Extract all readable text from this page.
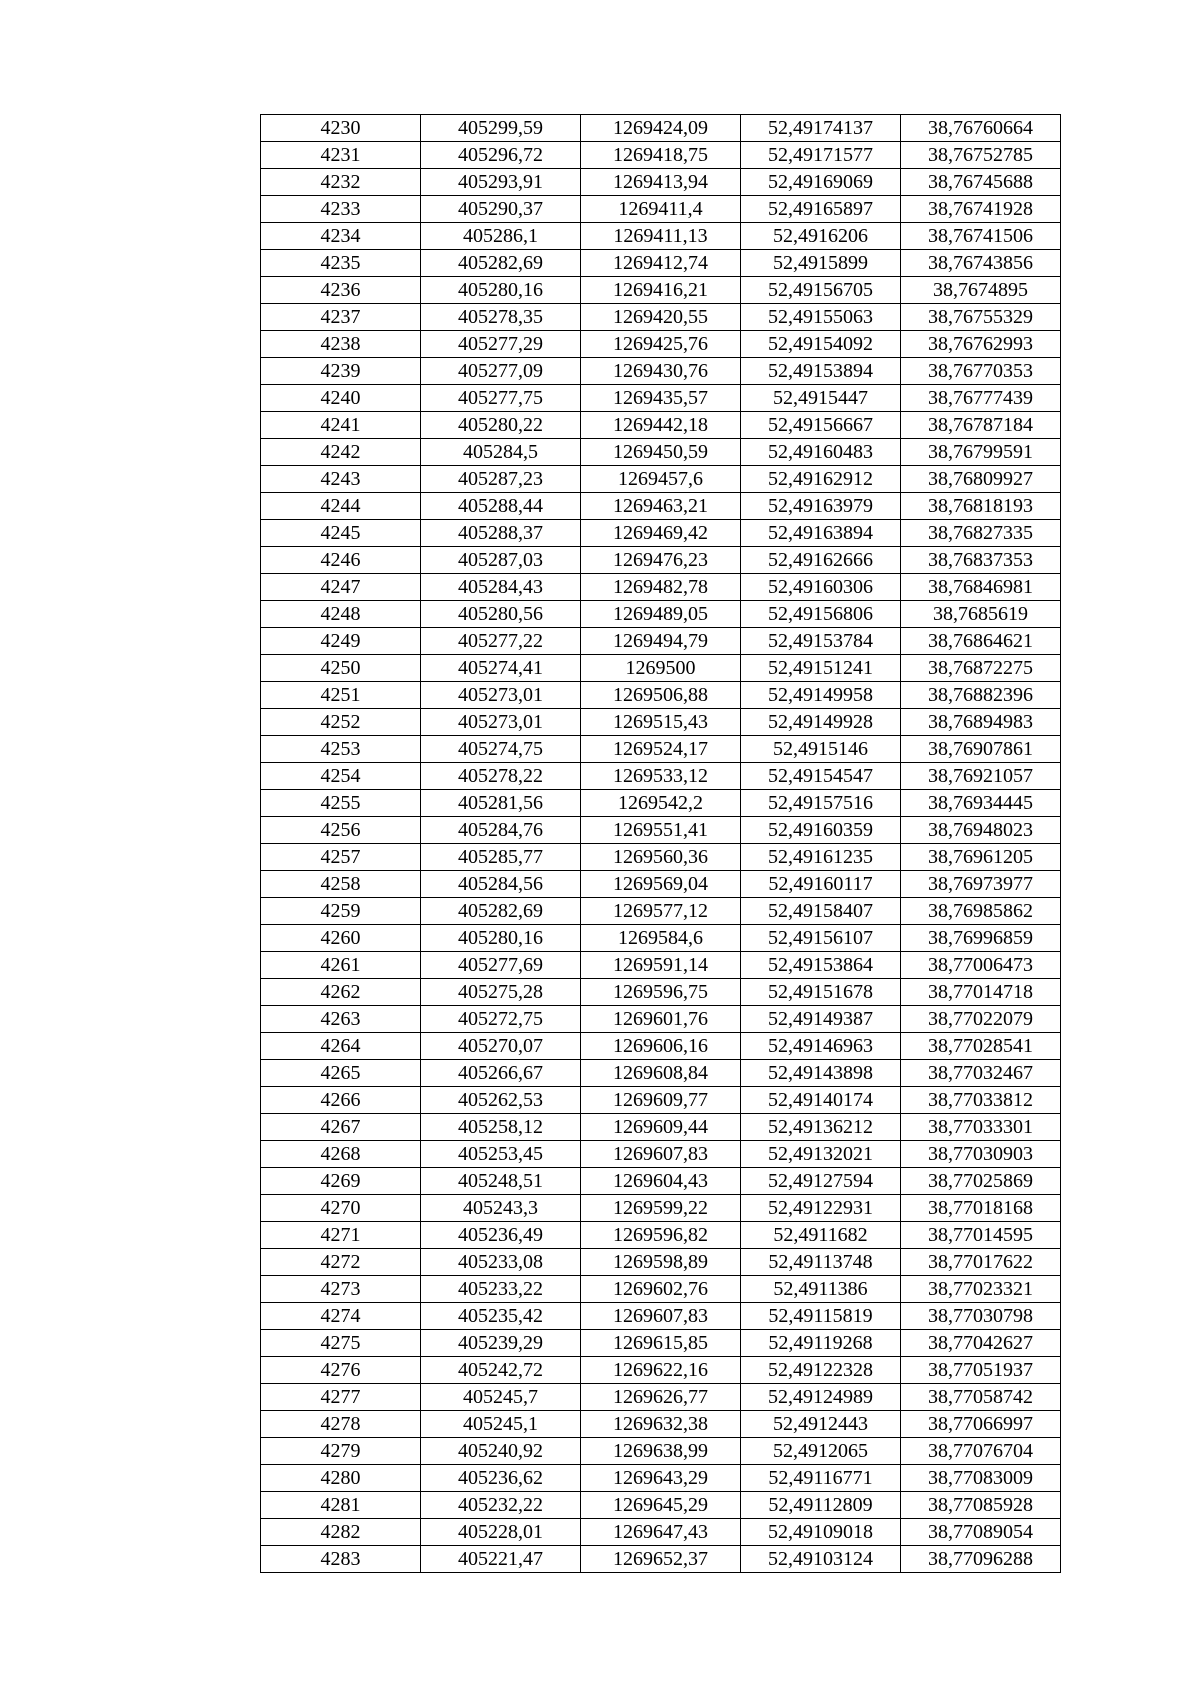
4230	405299,59	1269424,09	52,49174137	38,76760664
4231	405296,72	1269418,75	52,49171577	38,76752785
4232	405293,91	1269413,94	52,49169069	38,76745688
4233	405290,37	1269411,4	52,49165897	38,76741928
4234	405286,1	1269411,13	52,4916206	38,76741506
4235	405282,69	1269412,74	52,4915899	38,76743856
4236	405280,16	1269416,21	52,49156705	38,7674895
4237	405278,35	1269420,55	52,49155063	38,76755329
4238	405277,29	1269425,76	52,49154092	38,76762993
4239	405277,09	1269430,76	52,49153894	38,76770353
4240	405277,75	1269435,57	52,4915447	38,76777439
4241	405280,22	1269442,18	52,49156667	38,76787184
4242	405284,5	1269450,59	52,49160483	38,76799591
4243	405287,23	1269457,6	52,49162912	38,76809927
4244	405288,44	1269463,21	52,49163979	38,76818193
4245	405288,37	1269469,42	52,49163894	38,76827335
4246	405287,03	1269476,23	52,49162666	38,76837353
4247	405284,43	1269482,78	52,49160306	38,76846981
4248	405280,56	1269489,05	52,49156806	38,7685619
4249	405277,22	1269494,79	52,49153784	38,76864621
4250	405274,41	1269500	52,49151241	38,76872275
4251	405273,01	1269506,88	52,49149958	38,76882396
4252	405273,01	1269515,43	52,49149928	38,76894983
4253	405274,75	1269524,17	52,4915146	38,76907861
4254	405278,22	1269533,12	52,49154547	38,76921057
4255	405281,56	1269542,2	52,49157516	38,76934445
4256	405284,76	1269551,41	52,49160359	38,76948023
4257	405285,77	1269560,36	52,49161235	38,76961205
4258	405284,56	1269569,04	52,49160117	38,76973977
4259	405282,69	1269577,12	52,49158407	38,76985862
4260	405280,16	1269584,6	52,49156107	38,76996859
4261	405277,69	1269591,14	52,49153864	38,77006473
4262	405275,28	1269596,75	52,49151678	38,77014718
4263	405272,75	1269601,76	52,49149387	38,77022079
4264	405270,07	1269606,16	52,49146963	38,77028541
4265	405266,67	1269608,84	52,49143898	38,77032467
4266	405262,53	1269609,77	52,49140174	38,77033812
4267	405258,12	1269609,44	52,49136212	38,77033301
4268	405253,45	1269607,83	52,49132021	38,77030903
4269	405248,51	1269604,43	52,49127594	38,77025869
4270	405243,3	1269599,22	52,49122931	38,77018168
4271	405236,49	1269596,82	52,4911682	38,77014595
4272	405233,08	1269598,89	52,49113748	38,77017622
4273	405233,22	1269602,76	52,4911386	38,77023321
4274	405235,42	1269607,83	52,49115819	38,77030798
4275	405239,29	1269615,85	52,49119268	38,77042627
4276	405242,72	1269622,16	52,49122328	38,77051937
4277	405245,7	1269626,77	52,49124989	38,77058742
4278	405245,1	1269632,38	52,4912443	38,77066997
4279	405240,92	1269638,99	52,4912065	38,77076704
4280	405236,62	1269643,29	52,49116771	38,77083009
4281	405232,22	1269645,29	52,49112809	38,77085928
4282	405228,01	1269647,43	52,49109018	38,77089054
4283	405221,47	1269652,37	52,49103124	38,77096288
